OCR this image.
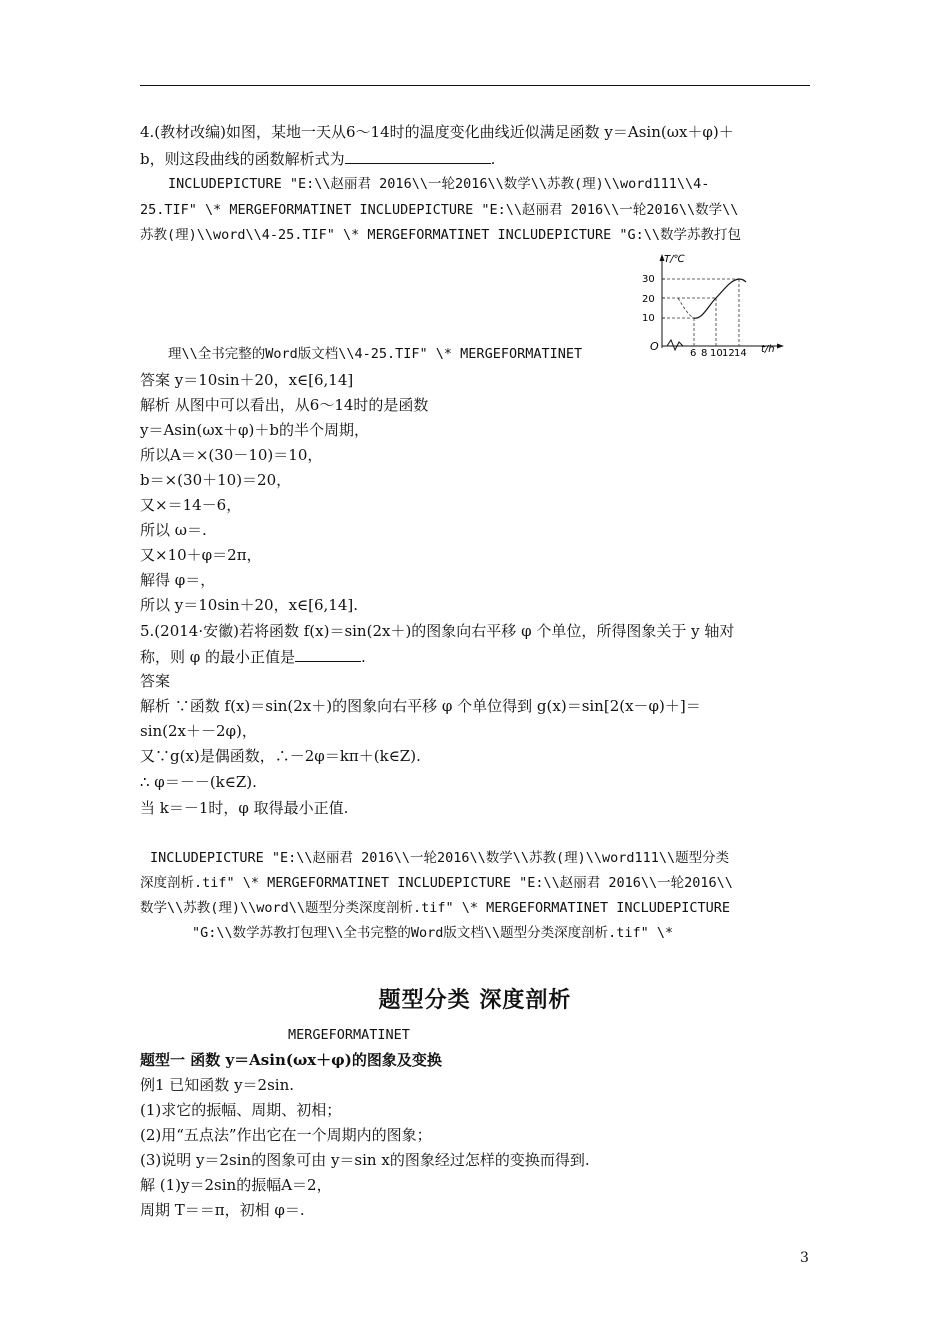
4.(教材改编)如图，某地一天从6～14时的温度变化曲线近似满足函数 y＝Asin(ωx＋φ)＋
b，则这段曲线的函数解析式为	.
INCLUDEPICTURE "E:\\赵丽君 2016\\一轮2016\\数学\\苏教(理)\\word111\\4-
25.TIF" \* MERGEFORMATINET INCLUDEPICTURE "E:\\赵丽君 2016\\一轮2016\\数学\\
苏教(理)\\word\\4-25.TIF" \* MERGEFORMATINET INCLUDEPICTURE "G:\\数学苏教打包
理\\全书完整的Word版文档\\4-25.TIF" \* MERGEFORMATINET
T/℃
t/h
O
30
20
10
6 8 10 12 14
答案 y＝10sin＋20，x∈[6,14]
解析 从图中可以看出，从6～14时的是函数
y＝Asin(ωx＋φ)＋b的半个周期，
所以A＝×(30－10)＝10，
b＝×(30＋10)＝20，
又×＝14－6，
所以 ω＝.
又×10＋φ＝2π，
解得 φ＝，
所以 y＝10sin＋20，x∈[6,14].
5.(2014·安徽)若将函数 f(x)＝sin(2x＋)的图象向右平移 φ 个单位，所得图象关于 y 轴对
称，则 φ 的最小正值是	.
答案
解析 ∵函数 f(x)＝sin(2x＋)的图象向右平移 φ 个单位得到 g(x)＝sin[2(x－φ)＋]＝
sin(2x＋－2φ)，
又∵g(x)是偶函数，∴－2φ＝kπ＋(k∈Z).
∴ φ＝－－(k∈Z).
当 k＝－1时，φ 取得最小正值.
INCLUDEPICTURE "E:\\赵丽君 2016\\一轮2016\\数学\\苏教(理)\\word111\\题型分类
深度剖析.tif" \* MERGEFORMATINET INCLUDEPICTURE "E:\\赵丽君 2016\\一轮2016\\
数学\\苏教(理)\\word\\题型分类深度剖析.tif" \* MERGEFORMATINET INCLUDEPICTURE
"G:\\数学苏教打包理\\全书完整的Word版文档\\题型分类深度剖析.tif" \*
题型分类 深度剖析
MERGEFORMATINET
题型一 函数 y＝Asin(ωx＋φ)的图象及变换
例1 已知函数 y＝2sin.
(1)求它的振幅、周期、初相；
(2)用“五点法”作出它在一个周期内的图象；
(3)说明 y＝2sin的图象可由 y＝sin x的图象经过怎样的变换而得到.
解 (1)y＝2sin的振幅A＝2，
周期 T＝＝π，初相 φ＝.
3
